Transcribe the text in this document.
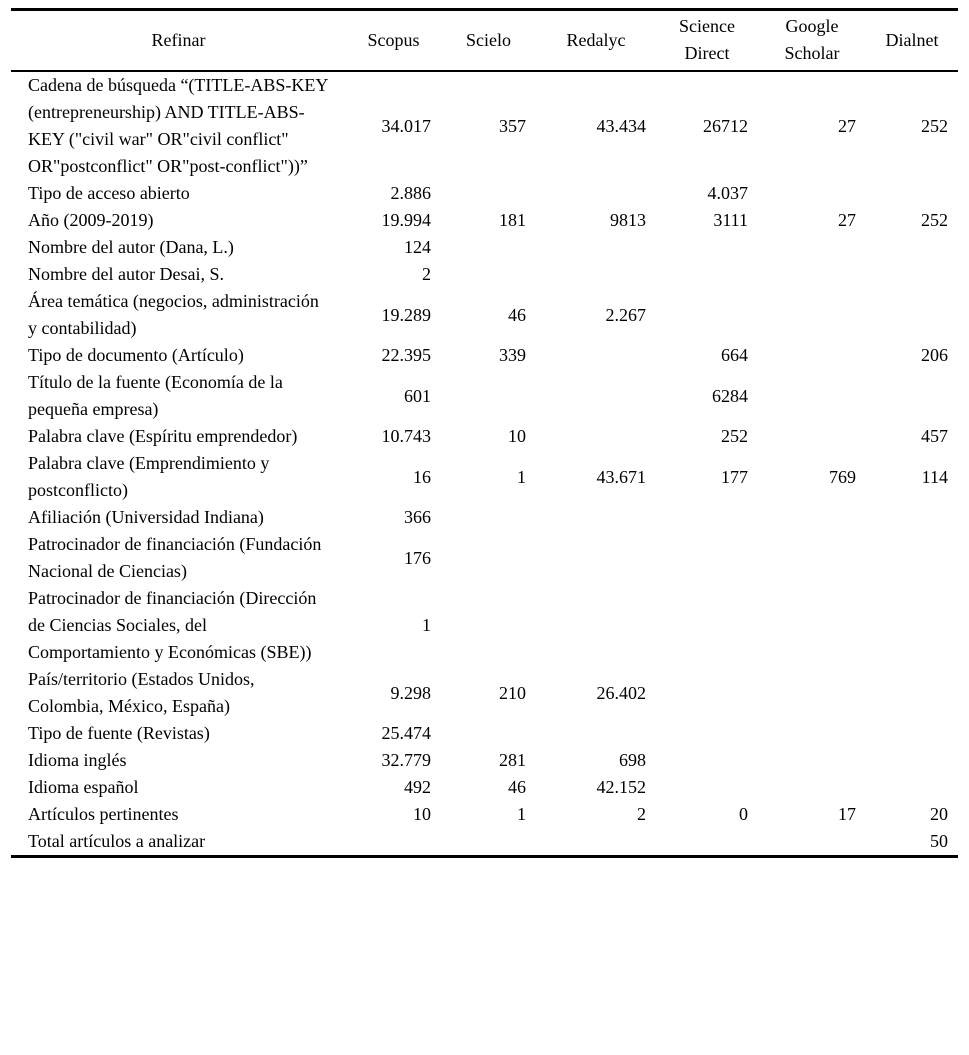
Refinar	Scopus	Scielo	Redalyc	Science Direct	Google Scholar	Dialnet
Cadena de búsqueda “(TITLE-ABS-KEY (entrepreneurship) AND TITLE-ABS-KEY ("civil war" OR"civil conflict" OR"postconflict" OR"post-conflict"))”	34.017	357	43.434	26712	27	252
Tipo de acceso abierto	2.886			4.037		
Año (2009-2019)	19.994	181	9813	3111	27	252
Nombre del autor (Dana, L.)	124					
Nombre del autor Desai, S.	2					
Área temática (negocios, administración y contabilidad)	19.289	46	2.267			
Tipo de documento (Artículo)	22.395	339		664		206
Título de la fuente (Economía de la pequeña empresa)	601			6284		
Palabra clave (Espíritu emprendedor)	10.743	10		252		457
Palabra clave (Emprendimiento y postconflicto)	16	1	43.671	177	769	114
Afiliación (Universidad Indiana)	366					
Patrocinador de financiación (Fundación Nacional de Ciencias)	176					
Patrocinador de financiación (Dirección de Ciencias Sociales, del Comportamiento y Económicas (SBE))	1					
País/territorio (Estados Unidos, Colombia, México, España)	9.298	210	26.402			
Tipo de fuente (Revistas)	25.474					
Idioma inglés	32.779	281	698			
Idioma español	492	46	42.152			
Artículos pertinentes	10	1	2	0	17	20
Total artículos a analizar						50
